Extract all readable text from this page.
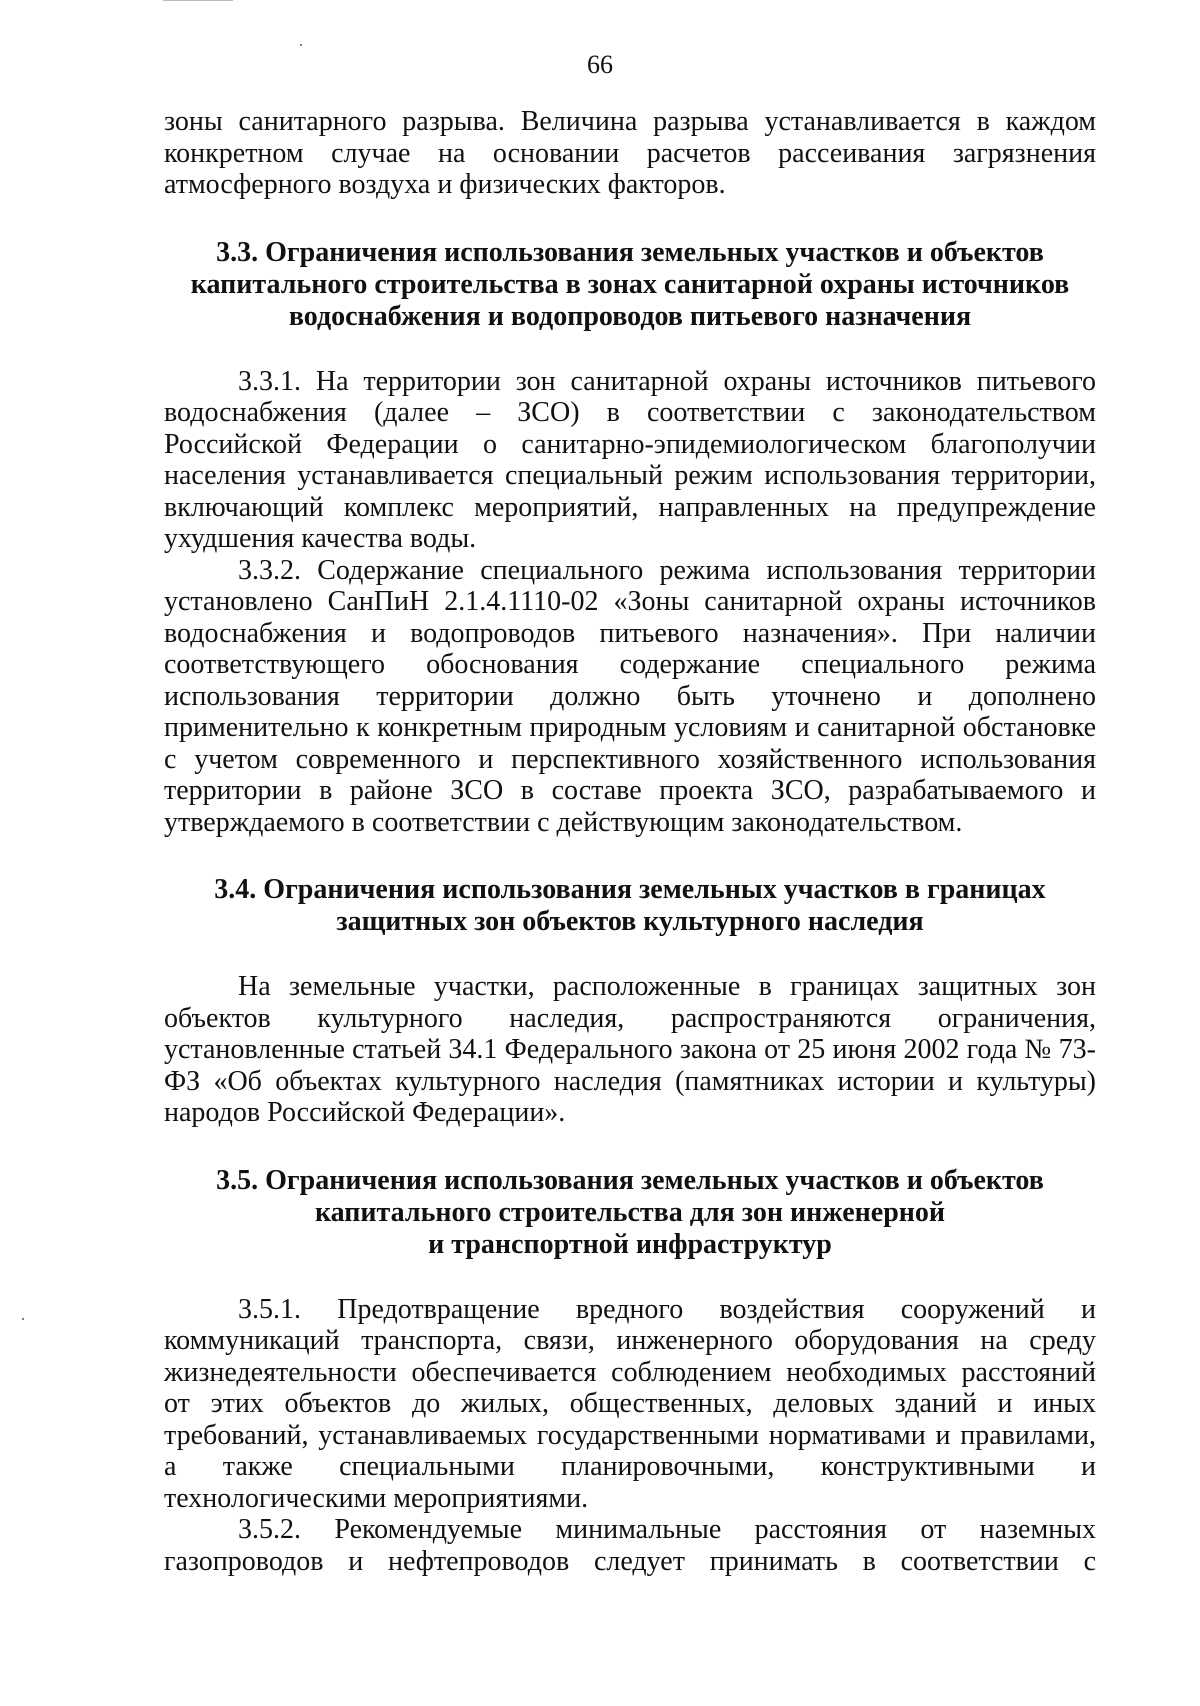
66

зоны санитарного разрыва. Величина разрыва устанавливается в каждом конкретном случае на основании расчетов рассеивания загрязнения атмосферного воздуха и физических факторов.

3.3. Ограничения использования земельных участков и объектов
капитального строительства в зонах санитарной охраны источников
водоснабжения и водопроводов питьевого назначения

3.3.1. На территории зон санитарной охраны источников питьевого водоснабжения (далее – ЗСО) в соответствии с законодательством Российской Федерации о санитарно-эпидемиологическом благополучии населения устанавливается специальный режим использования территории, включающий комплекс мероприятий, направленных на предупреждение ухудшения качества воды.

3.3.2. Содержание специального режима использования территории установлено СанПиН 2.1.4.1110-02 «Зоны санитарной охраны источников водоснабжения и водопроводов питьевого назначения». При наличии соответствующего обоснования содержание специального режима использования территории должно быть уточнено и дополнено применительно к конкретным природным условиям и санитарной обстановке с учетом современного и перспективного хозяйственного использования территории в районе ЗСО в составе проекта ЗСО, разрабатываемого и утверждаемого в соответствии с действующим законодательством.

3.4. Ограничения использования земельных участков в границах
защитных зон объектов культурного наследия

На земельные участки, расположенные в границах защитных зон объектов культурного наследия, распространяются ограничения, установленные статьей 34.1 Федерального закона от 25 июня 2002 года № 73-ФЗ «Об объектах культурного наследия (памятниках истории и культуры) народов Российской Федерации».

3.5. Ограничения использования земельных участков и объектов
капитального строительства для зон инженерной
и транспортной инфраструктур

3.5.1. Предотвращение вредного воздействия сооружений и коммуникаций транспорта, связи, инженерного оборудования на среду жизнедеятельности обеспечивается соблюдением необходимых расстояний от этих объектов до жилых, общественных, деловых зданий и иных требований, устанавливаемых государственными нормативами и правилами, а также специальными планировочными, конструктивными и технологическими мероприятиями.

3.5.2. Рекомендуемые минимальные расстояния от наземных газопроводов и нефтепроводов следует принимать в соответствии с
